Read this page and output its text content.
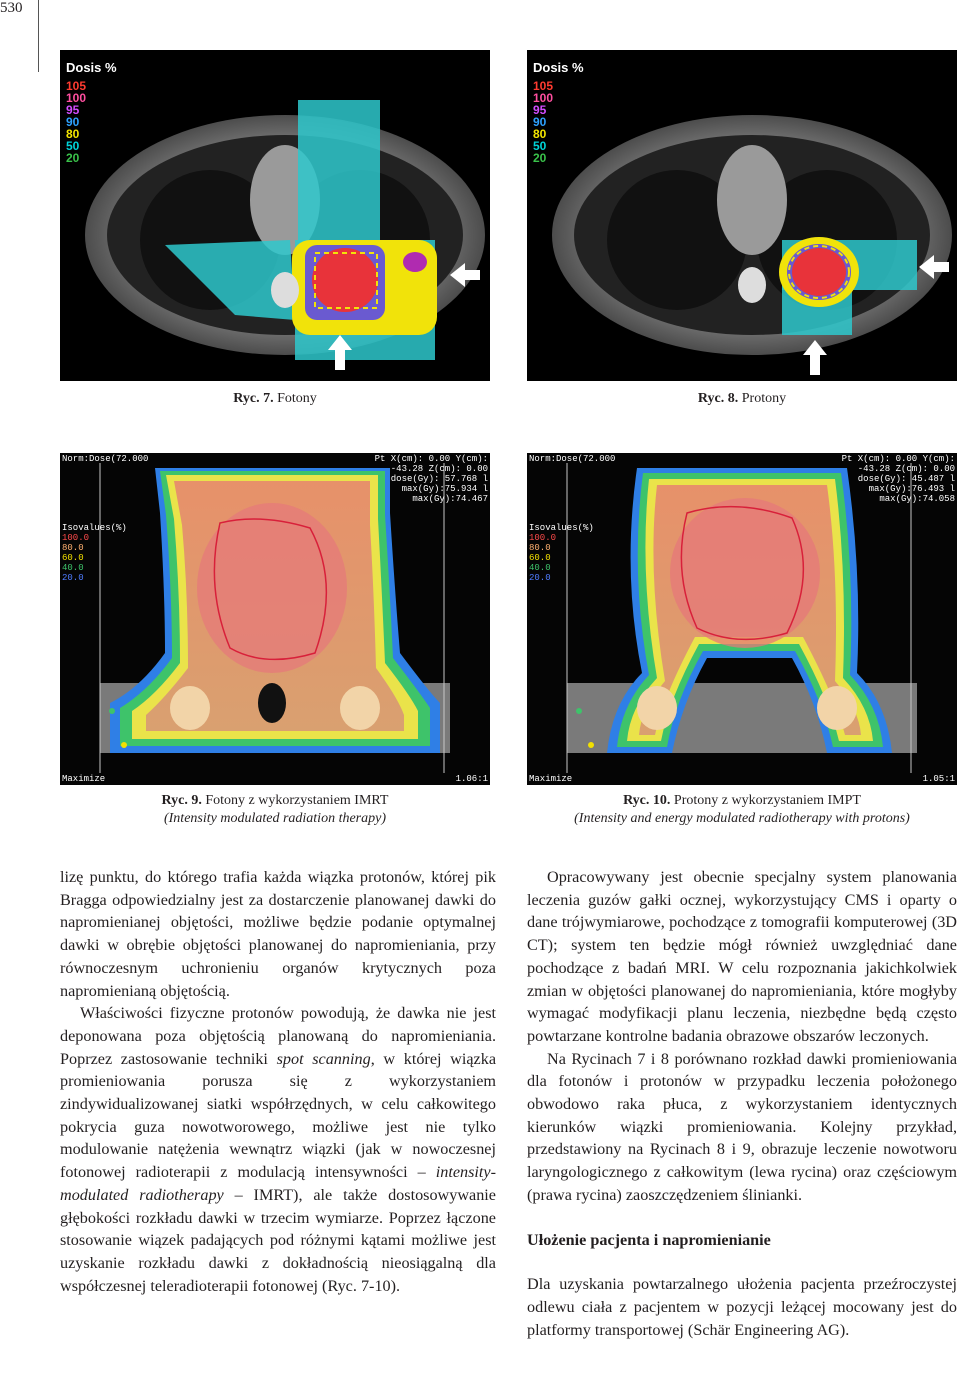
530
Dosis %
105
100
95
90
80
50
20
Ryc. 7. Fotony
Dosis %
105
100
95
90
80
50
20
Ryc. 8. Protony
Norm:Dose(72.000	Pt X(cm): 0.00 Y(cm): -43.28 Z(cm): 0.00 dose(Gy): 57.768 l max(Gy):75.934 l max(Gy):74.467
Isovalues(%)
100.0
80.0
60.0
40.0
20.0
Maximize	1.06:1
Ryc. 9. Fotony z wykorzystaniem IMRT
(Intensity modulated radiation therapy)
Norm:Dose(72.000	Pt X(cm): 0.00 Y(cm): -43.28 Z(cm): 0.00 dose(Gy): 45.487 l max(Gy):76.493 l max(Gy):74.058
Isovalues(%)
100.0
80.0
60.0
40.0
20.0
Maximize	1.05:1
Ryc. 10. Protony z wykorzystaniem IMPT
(Intensity and energy modulated radiotherapy with protons)

lizę punktu, do którego trafia każda wiązka protonów, której pik Bragga odpowiedzialny jest za dostarczenie planowanej dawki do napromienianej objętości, możliwe będzie podanie optymalnej dawki w obrębie objętości planowanej do napromieniania, przy równoczesnym uchronieniu organów krytycznych poza napromienianą objętością.

Właściwości fizyczne protonów powodują, że dawka nie jest deponowana poza objętością planowaną do napromieniania. Poprzez zastosowanie techniki spot scanning, w której wiązka promieniowania porusza się z wykorzystaniem zindywidualizowanej siatki współrzędnych, w celu całkowitego pokrycia guza nowotworowego, możliwe jest nie tylko modulowanie natężenia wewnątrz wiązki (jak w nowoczesnej fotonowej radioterapii z modulacją intensywności – intensity-modulated radiotherapy – IMRT), ale także dostosowywanie głębokości rozkładu dawki w trzecim wymiarze. Poprzez łączone stosowanie wiązek padających pod różnymi kątami możliwe jest uzyskanie rozkładu dawki z dokładnością nieosiągalną dla współczesnej teleradioterapii fotonowej (Ryc. 7-10).

Opracowywany jest obecnie specjalny system planowania leczenia guzów gałki ocznej, wykorzystujący CMS i oparty o dane trójwymiarowe, pochodzące z tomografii komputerowej (3D CT); system ten będzie mógł również uwzględniać dane pochodzące z badań MRI. W celu rozpoznania jakichkolwiek zmian w objętości planowanej do napromieniania, które mogłyby wymagać modyfikacji planu leczenia, niezbędne będą często powtarzane kontrolne badania obrazowe obszarów leczonych.

Na Rycinach 7 i 8 porównano rozkład dawki promieniowania dla fotonów i protonów w przypadku leczenia położonego obwodowo raka płuca, z wykorzystaniem identycznych kierunków wiązki promieniowania. Kolejny przykład, przedstawiony na Rycinach 8 i 9, obrazuje leczenie nowotworu laryngologicznego z całkowitym (lewa rycina) oraz częściowym (prawa rycina) zaoszczędzeniem ślinianki.

Ułożenie pacjenta i napromienianie

Dla uzyskania powtarzalnego ułożenia pacjenta przeźroczystej odlewu ciała z pacjentem w pozycji leżącej mocowany jest do platformy transportowej (Schär Engineering AG).
